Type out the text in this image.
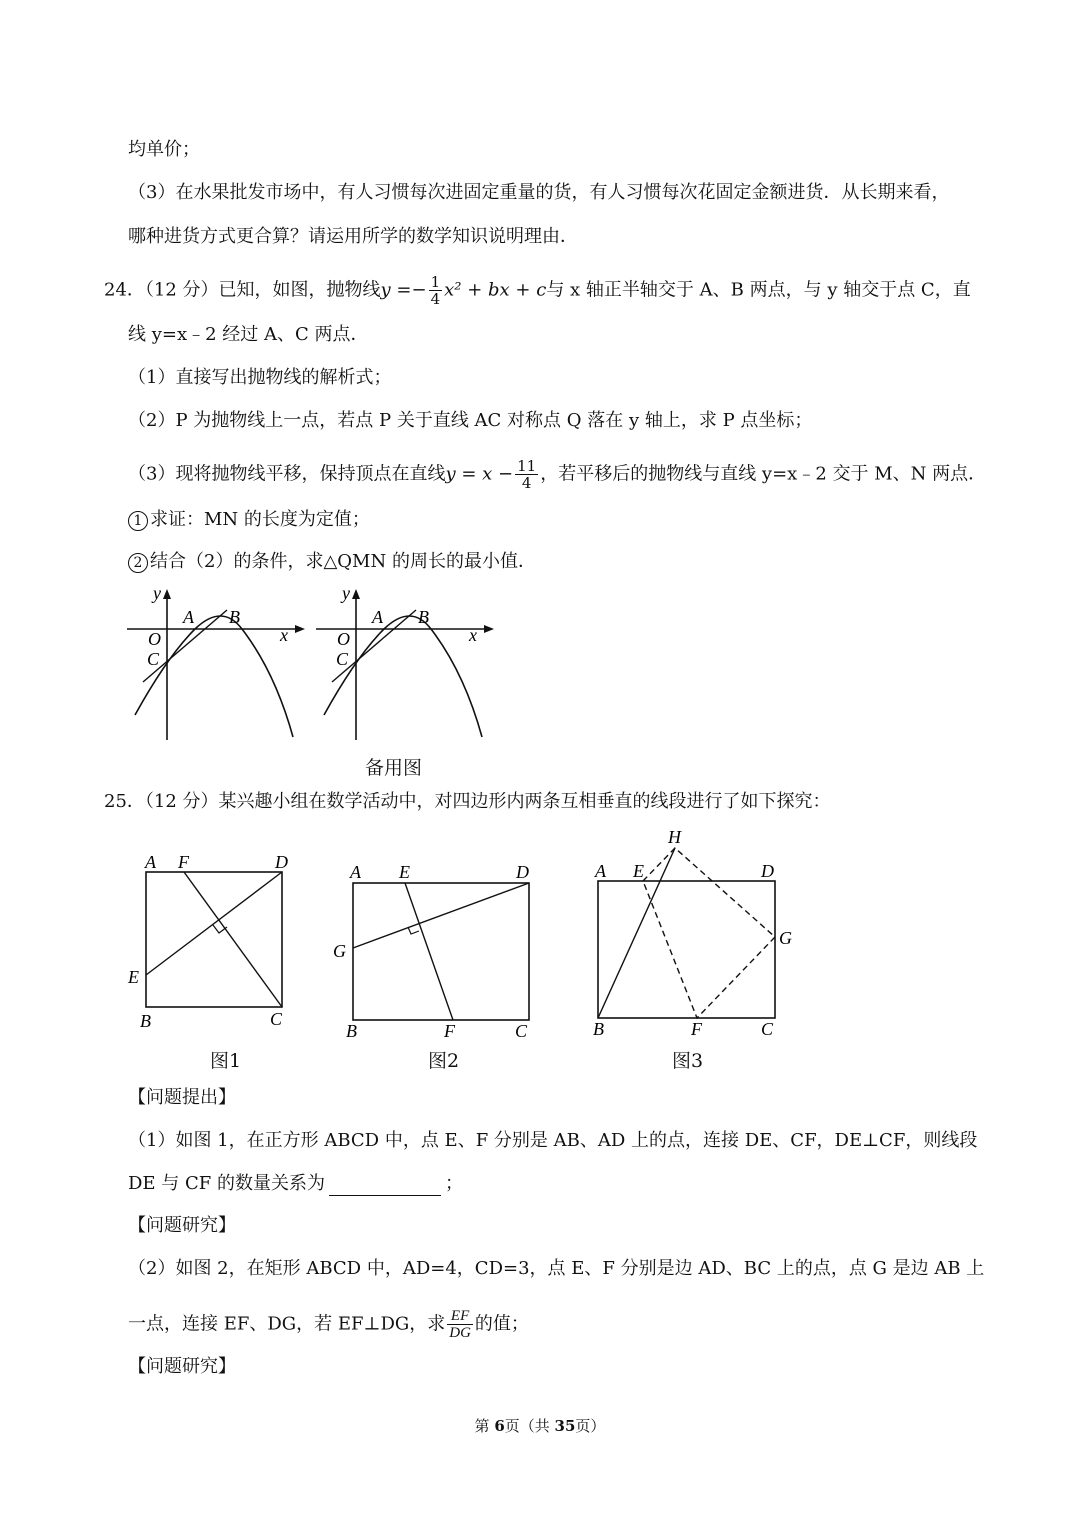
均单价；
（3）在水果批发市场中，有人习惯每次进固定重量的货，有人习惯每次花固定金额进货．从长期来看，
哪种进货方式更合算？请运用所学的数学知识说明理由．
24．（12 分）已知，如图，抛物线$y =- \frac{1}{4} x^2$ + bx + c与 x 轴正半轴交于 A、B 两点，与 y 轴交于点 C，直
线 y=x﹣2 经过 A、C 两点．
（1）直接写出抛物线的解析式；
（2）P 为抛物线上一点，若点 P 关于直线 AC 对称点 Q 落在 y 轴上，求 P 点坐标；
（3）现将抛物线平移，保持顶点在直线$y = x - \frac{11}{4}$ ，若平移后的抛物线与直线 y=x﹣2 交于 M、N 两点．
1 求证：MN 的长度为定值；
2 结合（2）的条件，求△QMN 的周长的最小值．
y
x
O
A B
C
y
x
O
A B
C
备用图
25．（12 分）某兴趣小组在数学活动中，对四边形内两条互相垂直的线段进行了如下探究：
A F	D
E
B	C
图1
A E	D
G
B	F	C
图2
H
A E	D
G
B	F	C
图3
【问题提出】
（1）如图 1，在正方形 ABCD 中，点 E、F 分别是 AB、AD 上的点，连接 DE、CF，DE⊥CF，则线段
DE 与 CF 的数量关系为	；
【问题研究】
（2）如图 2，在矩形 ABCD 中，AD=4，CD=3，点 E、F 分别是边 AD、BC 上的点，点 G 是边 AB 上
一点，连接 EF、DG，若 EF⊥DG，求 $\frac{EF}{DG}$ 的值；
【问题研究】
第 6页（共 35页）
